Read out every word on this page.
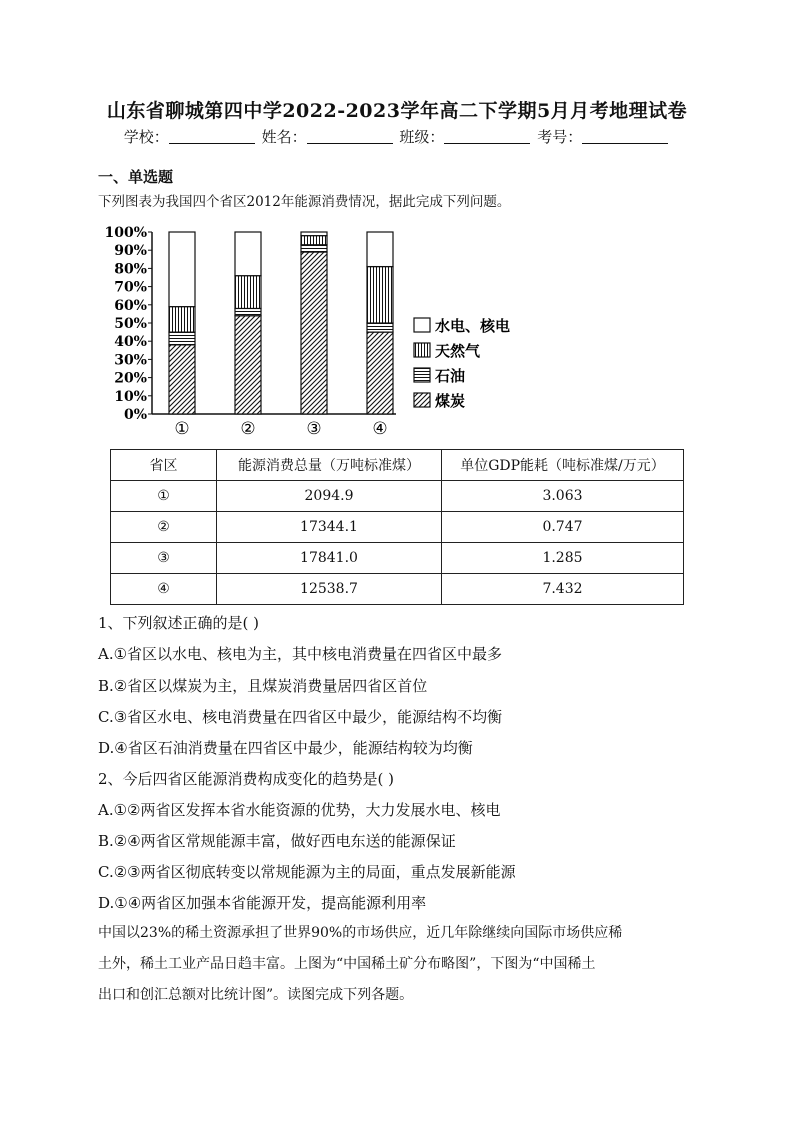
山东省聊城第四中学2022-2023学年高二下学期5月月考地理试卷
学校：	姓名：	班级：	考号：
一、单选题
下列图表为我国四个省区2012年能源消费情况，据此完成下列问题。
0%
10%
20%
30%
40%
50%
60%
70%
80%
90%
100%
①	②	③	④
水电、核电
天然气
石油
煤炭
省区	能源消费总量（万吨标准煤）	单位GDP能耗（吨标准煤/万元）
①	2094.9	3.063
②	17344.1	0.747
③	17841.0	1.285
④	12538.7	7.432
1、下列叙述正确的是( )
A.①省区以水电、核电为主，其中核电消费量在四省区中最多
B.②省区以煤炭为主，且煤炭消费量居四省区首位
C.③省区水电、核电消费量在四省区中最少，能源结构不均衡
D.④省区石油消费量在四省区中最少，能源结构较为均衡
2、今后四省区能源消费构成变化的趋势是( )
A.①②两省区发挥本省水能资源的优势，大力发展水电、核电
B.②④两省区常规能源丰富，做好西电东送的能源保证
C.②③两省区彻底转变以常规能源为主的局面，重点发展新能源
D.①④两省区加强本省能源开发，提高能源利用率
中国以23%的稀土资源承担了世界90%的市场供应，近几年除继续向国际市场供应稀
土外，稀土工业产品日趋丰富。上图为“中国稀土矿分布略图”，下图为“中国稀土
出口和创汇总额对比统计图”。读图完成下列各题。
